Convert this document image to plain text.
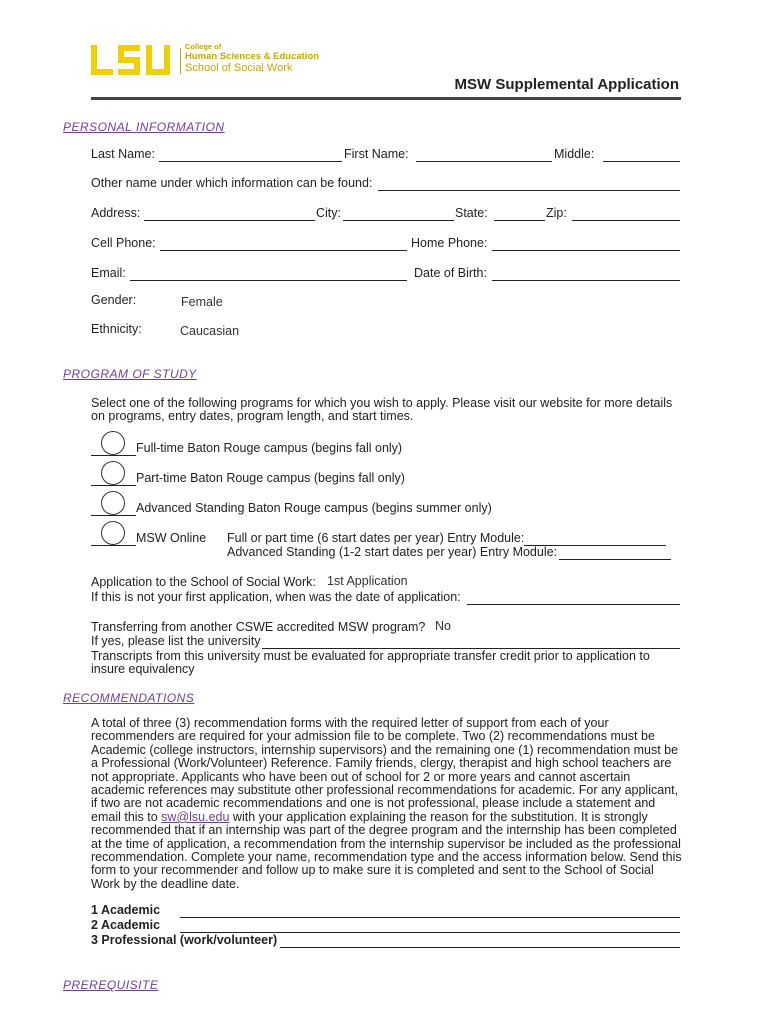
College of
Human Sciences & Education
School of Social Work
MSW Supplemental Application
PERSONAL INFORMATION
Last Name:	First Name:	Middle:
Other name under which information can be found:
Address:	City:	State:	Zip:
Cell Phone:	Home Phone:
Email:	Date of Birth:
Gender:	Female
Ethnicity:	Caucasian
PROGRAM OF STUDY
Select one of the following programs for which you wish to apply. Please visit our website for more details on programs, entry dates, program length, and start times.
Full-time Baton Rouge campus (begins fall only)
Part-time Baton Rouge campus (begins fall only)
Advanced Standing Baton Rouge campus (begins summer only)
MSW Online Full or part time (6 start dates per year) Entry Module:
Advanced Standing (1-2 start dates per year) Entry Module:
Application to the School of Social Work: 1st Application
If this is not your first application, when was the date of application:
Transferring from another CSWE accredited MSW program? No
If yes, please list the university
Transcripts from this university must be evaluated for appropriate transfer credit prior to application to insure equivalency
RECOMMENDATIONS
A total of three (3) recommendation forms with the required letter of support from each of your recommenders are required for your admission file to be complete. Two (2) recommendations must be Academic (college instructors, internship supervisors) and the remaining one (1) recommendation must be a Professional (Work/Volunteer) Reference. Family friends, clergy, therapist and high school teachers are not appropriate. Applicants who have been out of school for 2 or more years and cannot ascertain academic references may substitute other professional recommendations for academic. For any applicant, if two are not academic recommendations and one is not professional, please include a statement and email this to sw@lsu.edu with your application explaining the reason for the substitution. It is strongly recommended that if an internship was part of the degree program and the internship has been completed at the time of application, a recommendation from the internship supervisor be included as the professional recommendation. Complete your name, recommendation type and the access information below. Send this form to your recommender and follow up to make sure it is completed and sent to the School of Social Work by the deadline date.
1 Academic
2 Academic
3 Professional (work/volunteer)
PREREQUISITE
